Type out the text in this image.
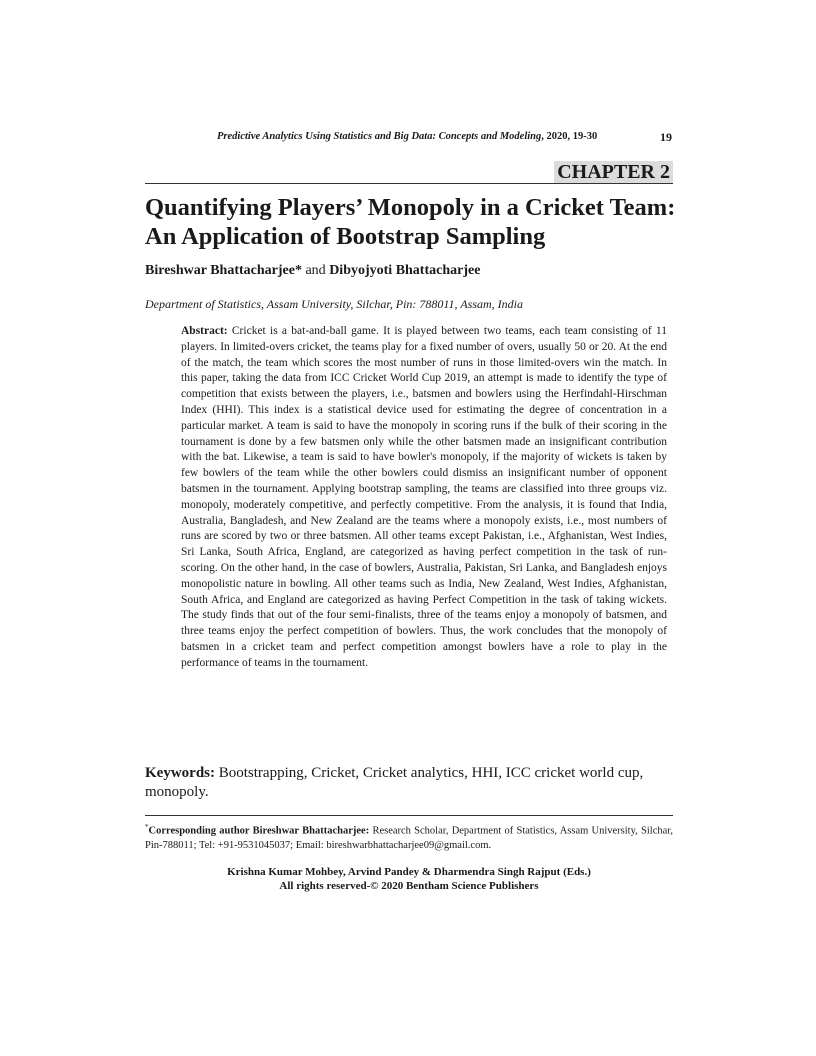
Predictive Analytics Using Statistics and Big Data: Concepts and Modeling, 2020, 19-30	19
CHAPTER 2
Quantifying Players’ Monopoly in a Cricket Team: An Application of Bootstrap Sampling
Bireshwar Bhattacharjee* and Dibyojyoti Bhattacharjee
Department of Statistics, Assam University, Silchar, Pin: 788011, Assam, India
Abstract: Cricket is a bat-and-ball game. It is played between two teams, each team consisting of 11 players. In limited-overs cricket, the teams play for a fixed number of overs, usually 50 or 20. At the end of the match, the team which scores the most number of runs in those limited-overs win the match. In this paper, taking the data from ICC Cricket World Cup 2019, an attempt is made to identify the type of competition that exists between the players, i.e., batsmen and bowlers using the Herfindahl-Hirschman Index (HHI). This index is a statistical device used for estimating the degree of concentration in a particular market. A team is said to have the monopoly in scoring runs if the bulk of their scoring in the tournament is done by a few batsmen only while the other batsmen made an insignificant contribution with the bat. Likewise, a team is said to have bowler's monopoly, if the majority of wickets is taken by few bowlers of the team while the other bowlers could dismiss an insignificant number of opponent batsmen in the tournament. Applying bootstrap sampling, the teams are classified into three groups viz. monopoly, moderately competitive, and perfectly competitive. From the analysis, it is found that India, Australia, Bangladesh, and New Zealand are the teams where a monopoly exists, i.e., most numbers of runs are scored by two or three batsmen. All other teams except Pakistan, i.e., Afghanistan, West Indies, Sri Lanka, South Africa, England, are categorized as having perfect competition in the task of run-scoring. On the other hand, in the case of bowlers, Australia, Pakistan, Sri Lanka, and Bangladesh enjoys monopolistic nature in bowling. All other teams such as India, New Zealand, West Indies, Afghanistan, South Africa, and England are categorized as having Perfect Competition in the task of taking wickets. The study finds that out of the four semi-finalists, three of the teams enjoy a monopoly of batsmen, and three teams enjoy the perfect competition of bowlers. Thus, the work concludes that the monopoly of batsmen in a cricket team and perfect competition amongst bowlers have a role to play in the performance of teams in the tournament.
Keywords: Bootstrapping, Cricket, Cricket analytics, HHI, ICC cricket world cup, monopoly.
*Corresponding author Bireshwar Bhattacharjee: Research Scholar, Department of Statistics, Assam University, Silchar, Pin-788011; Tel: +91-9531045037; Email: bireshwarbhattacharjee09@gmail.com.
Krishna Kumar Mohbey, Arvind Pandey & Dharmendra Singh Rajput (Eds.)
All rights reserved-© 2020 Bentham Science Publishers
